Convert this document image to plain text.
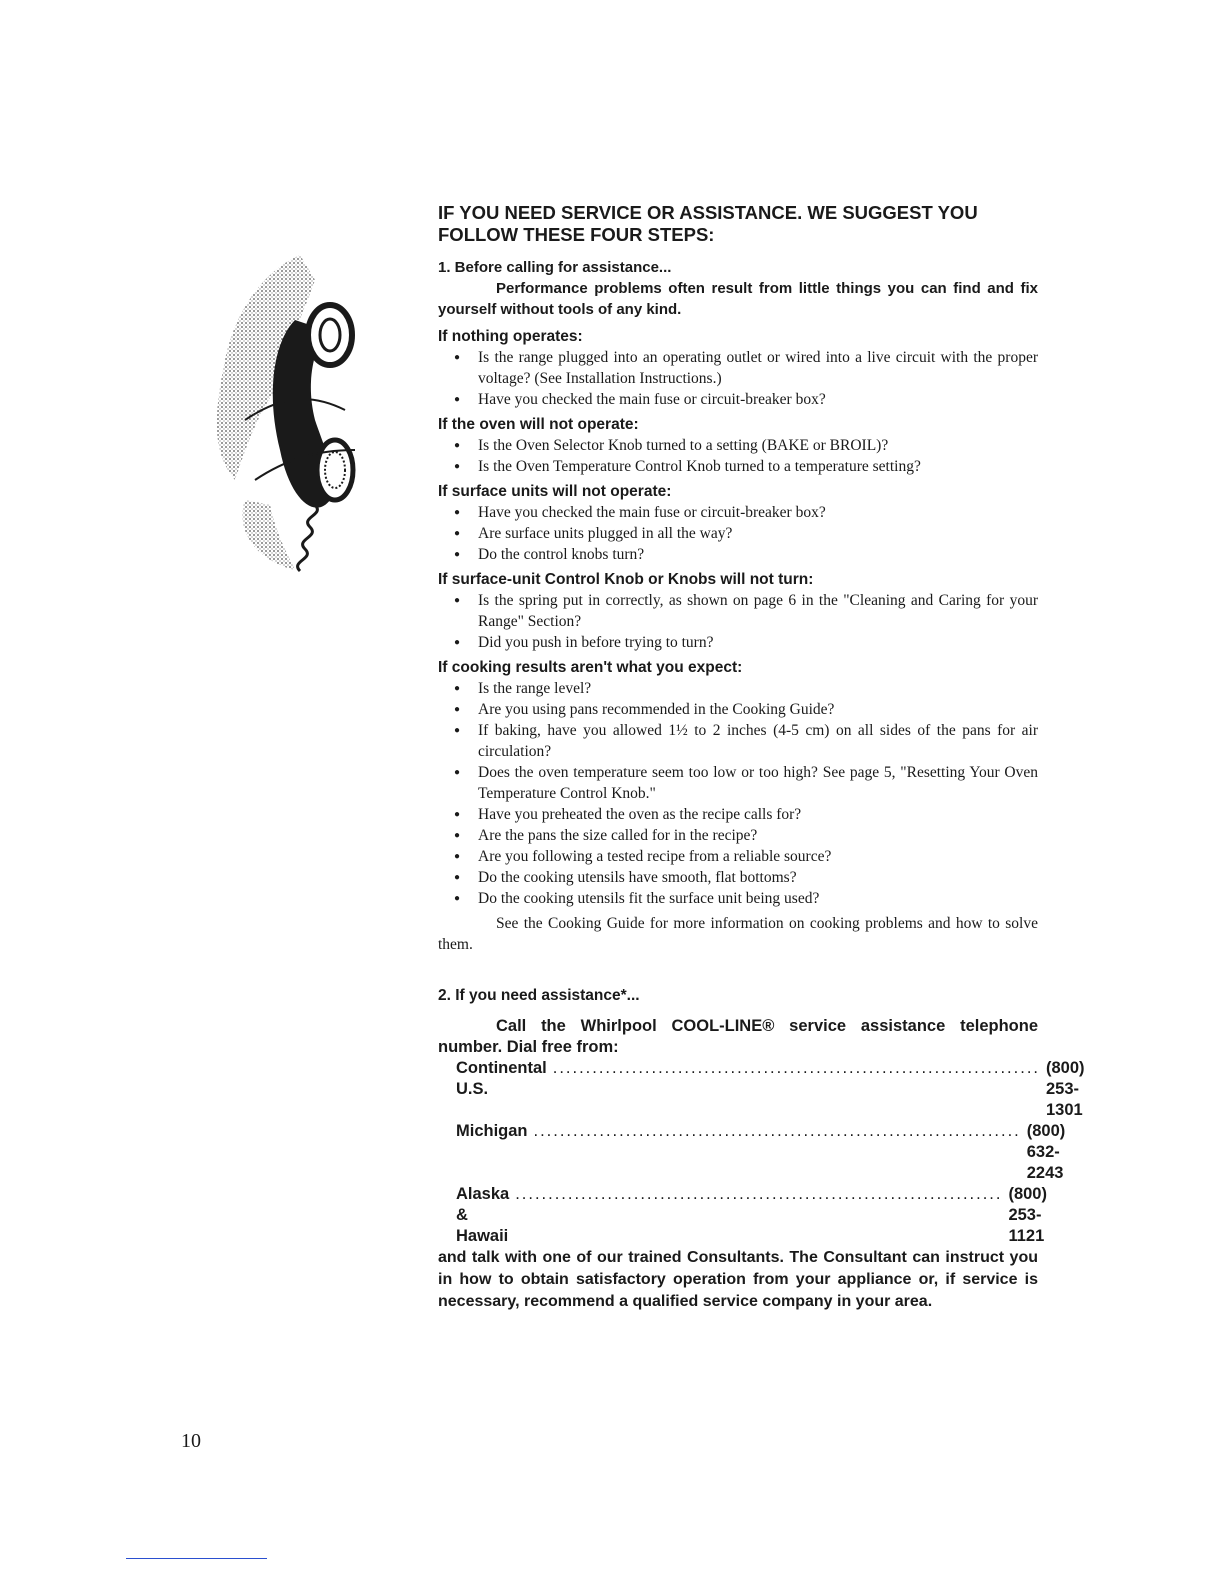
IF YOU NEED SERVICE OR ASSISTANCE. WE SUGGEST YOU FOLLOW THESE FOUR STEPS:

1. Before calling for assistance...

Performance problems often result from little things you can find and fix yourself without tools of any kind.

If nothing operates:

● Is the range plugged into an operating outlet or wired into a live circuit with the proper voltage? (See Installation Instructions.)
● Have you checked the main fuse or circuit-breaker box?

If the oven will not operate:

● Is the Oven Selector Knob turned to a setting (BAKE or BROIL)?
● Is the Oven Temperature Control Knob turned to a temperature setting?

If surface units will not operate:

● Have you checked the main fuse or circuit-breaker box?
● Are surface units plugged in all the way?
● Do the control knobs turn?

If surface-unit Control Knob or Knobs will not turn:

● Is the spring put in correctly, as shown on page 6 in the "Cleaning and Caring for your Range" Section?
● Did you push in before trying to turn?

If cooking results aren't what you expect:

● Is the range level?
● Are you using pans recommended in the Cooking Guide?
● If baking, have you allowed 1½ to 2 inches (4-5 cm) on all sides of the pans for air circulation?
● Does the oven temperature seem too low or too high? See page 5, "Resetting Your Oven Temperature Control Knob."
● Have you preheated the oven as the recipe calls for?
● Are the pans the size called for in the recipe?
● Are you following a tested recipe from a reliable source?
● Do the cooking utensils have smooth, flat bottoms?
● Do the cooking utensils fit the surface unit being used?

See the Cooking Guide for more information on cooking problems and how to solve them.

2. If you need assistance*...

Call the Whirlpool COOL-LINE® service assistance telephone number. Dial free from:

Continental U.S.
.......................................................................... (800) 253-1301
Michigan .......................................................................... (800) 632-2243
Alaska & Hawaii
.......................................................................... (800) 253-1121

and talk with one of our trained Consultants. The Consultant can instruct you in how to obtain satisfactory operation from your appliance or, if service is necessary, recommend a qualified service company in your area.

10
